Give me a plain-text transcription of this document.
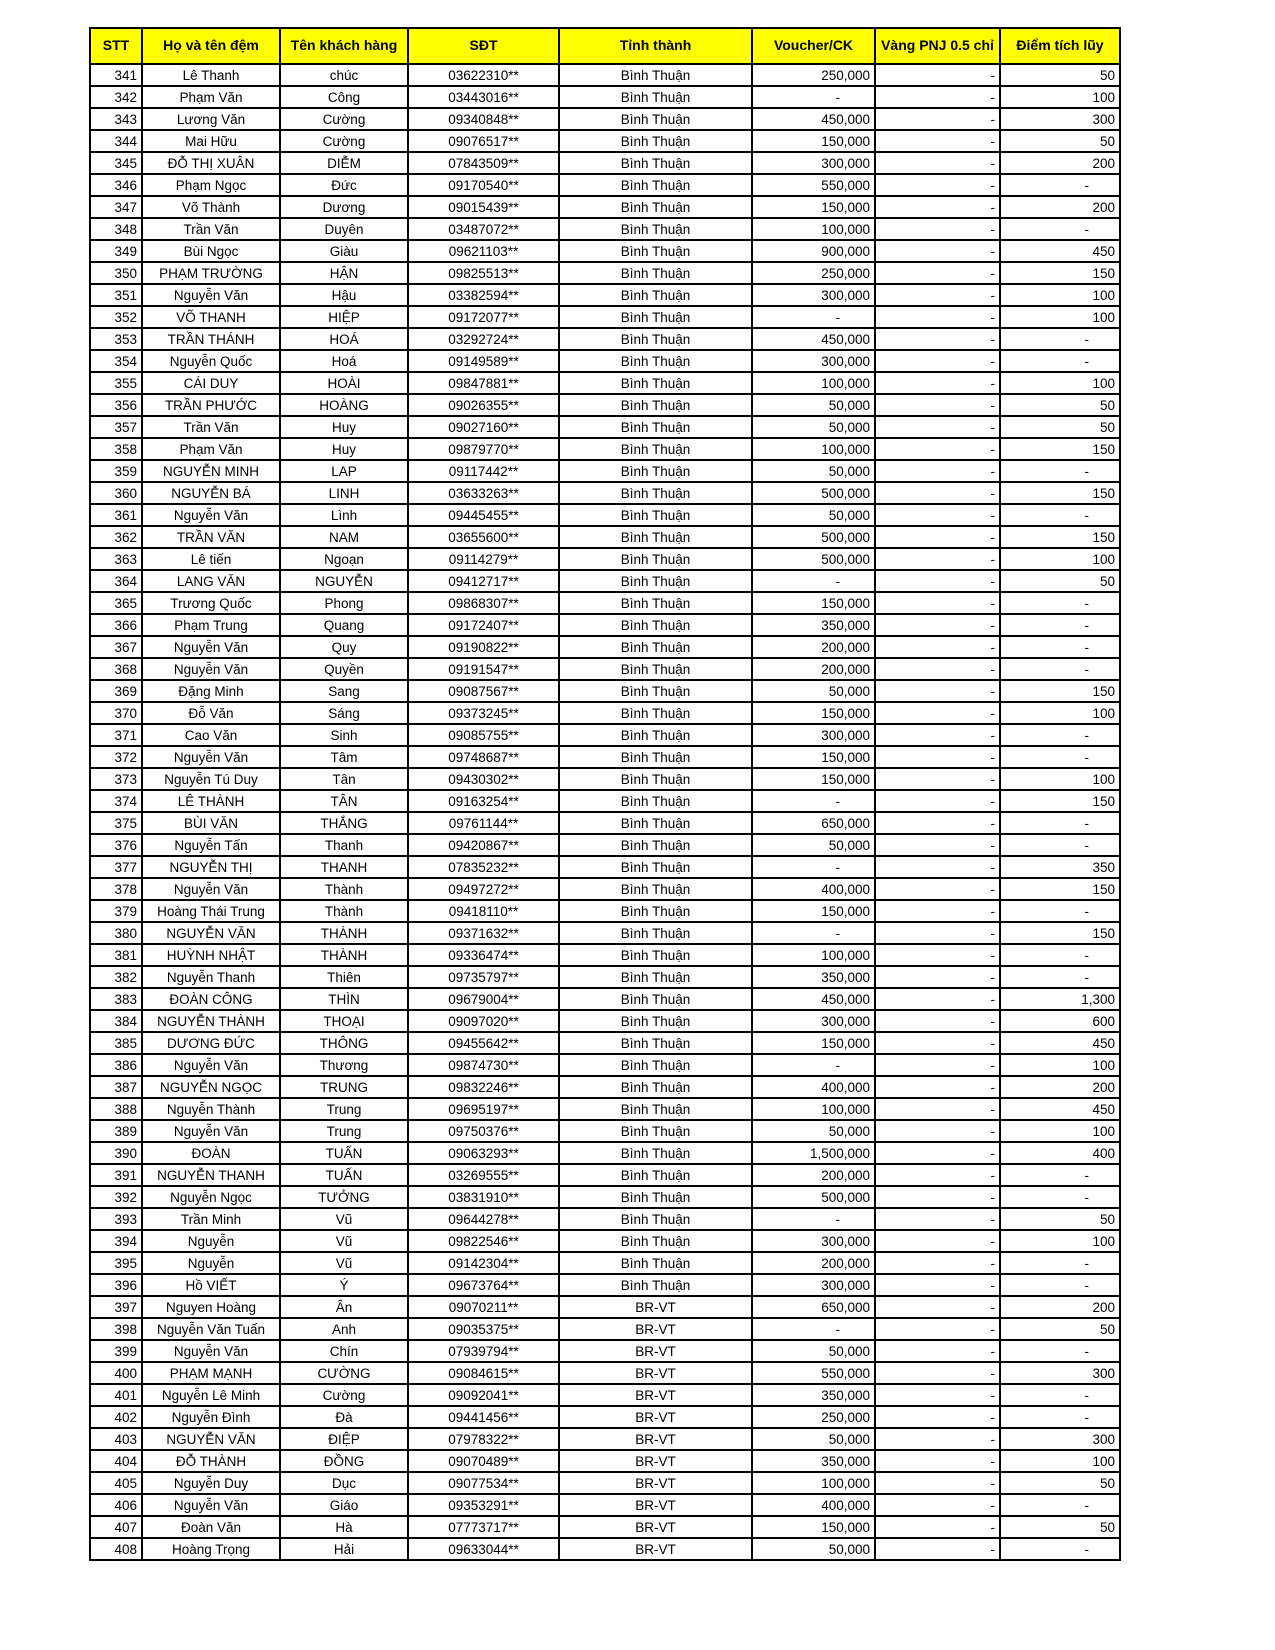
STT	Họ và tên đệm	Tên khách hàng	SĐT	Tỉnh thành	Voucher/CK	Vàng PNJ 0.5 chỉ	Điểm tích lũy
341	Lê Thanh	chúc	03622310**	Bình Thuận	250,000	-	50
342	Phạm Văn	Công	03443016**	Bình Thuận	-	-	100
343	Lương Văn	Cường	09340848**	Bình Thuận	450,000	-	300
344	Mai Hữu	Cường	09076517**	Bình Thuận	150,000	-	50
345	ĐỖ THỊ XUÂN	DIỄM	07843509**	Bình Thuận	300,000	-	200
346	Phạm Ngọc	Đức	09170540**	Bình Thuận	550,000	-	-
347	Võ Thành	Dương	09015439**	Bình Thuận	150,000	-	200
348	Trần Văn	Duyên	03487072**	Bình Thuận	100,000	-	-
349	Bùi Ngọc	Giàu	09621103**	Bình Thuận	900,000	-	450
350	PHẠM TRƯỜNG	HẬN	09825513**	Bình Thuận	250,000	-	150
351	Nguyễn Văn	Hậu	03382594**	Bình Thuận	300,000	-	100
352	VÕ THANH	HIỆP	09172077**	Bình Thuận	-	-	100
353	TRẦN THÁNH	HOÁ	03292724**	Bình Thuận	450,000	-	-
354	Nguyễn Quốc	Hoá	09149589**	Bình Thuận	300,000	-	-
355	CÁI DUY	HOÀI	09847881**	Bình Thuận	100,000	-	100
356	TRẦN PHƯỚC	HOÀNG	09026355**	Bình Thuận	50,000	-	50
357	Trần Văn	Huy	09027160**	Bình Thuận	50,000	-	50
358	Phạm Văn	Huy	09879770**	Bình Thuận	100,000	-	150
359	NGUYỄN MINH	LAP	09117442**	Bình Thuận	50,000	-	-
360	NGUYỄN BÁ	LINH	03633263**	Bình Thuận	500,000	-	150
361	Nguyễn Văn	Lình	09445455**	Bình Thuận	50,000	-	-
362	TRẦN VĂN	NAM	03655600**	Bình Thuận	500,000	-	150
363	Lê tiến	Ngoạn	09114279**	Bình Thuận	500,000	-	100
364	LANG VĂN	NGUYỄN	09412717**	Bình Thuận	-	-	50
365	Trương Quốc	Phong	09868307**	Bình Thuận	150,000	-	-
366	Phạm Trung	Quang	09172407**	Bình Thuận	350,000	-	-
367	Nguyễn Văn	Quy	09190822**	Bình Thuận	200,000	-	-
368	Nguyễn Văn	Quyền	09191547**	Bình Thuận	200,000	-	-
369	Đặng Minh	Sang	09087567**	Bình Thuận	50,000	-	150
370	Đỗ Văn	Sáng	09373245**	Bình Thuận	150,000	-	100
371	Cao Văn	Sinh	09085755**	Bình Thuận	300,000	-	-
372	Nguyễn Văn	Tâm	09748687**	Bình Thuận	150,000	-	-
373	Nguyễn Tú Duy	Tân	09430302**	Bình Thuận	150,000	-	100
374	LÊ THÀNH	TÂN	09163254**	Bình Thuận	-	-	150
375	BÙI VĂN	THẮNG	09761144**	Bình Thuận	650,000	-	-
376	Nguyễn Tấn	Thanh	09420867**	Bình Thuận	50,000	-	-
377	NGUYỄN THỊ	THANH	07835232**	Bình Thuận	-	-	350
378	Nguyễn Văn	Thành	09497272**	Bình Thuận	400,000	-	150
379	Hoàng Thái Trung	Thành	09418110**	Bình Thuận	150,000	-	-
380	NGUYỄN VĂN	THÀNH	09371632**	Bình Thuận	-	-	150
381	HUỲNH NHẬT	THÀNH	09336474**	Bình Thuận	100,000	-	-
382	Nguyễn Thanh	Thiên	09735797**	Bình Thuận	350,000	-	-
383	ĐOÀN CÔNG	THÌN	09679004**	Bình Thuận	450,000	-	1,300
384	NGUYỄN THÀNH	THOẠI	09097020**	Bình Thuận	300,000	-	600
385	DƯƠNG ĐỨC	THÔNG	09455642**	Bình Thuận	150,000	-	450
386	Nguyễn Văn	Thương	09874730**	Bình Thuận	-	-	100
387	NGUYỄN NGỌC	TRUNG	09832246**	Bình Thuận	400,000	-	200
388	Nguyễn Thành	Trung	09695197**	Bình Thuận	100,000	-	450
389	Nguyễn Văn	Trung	09750376**	Bình Thuận	50,000	-	100
390	ĐOÀN	TUẤN	09063293**	Bình Thuận	1,500,000	-	400
391	NGUYỄN THANH	TUẤN	03269555**	Bình Thuận	200,000	-	-
392	Nguyễn Ngọc	TƯỞNG	03831910**	Bình Thuận	500,000	-	-
393	Trần Minh	Vũ	09644278**	Bình Thuận	-	-	50
394	Nguyễn	Vũ	09822546**	Bình Thuận	300,000	-	100
395	Nguyễn	Vũ	09142304**	Bình Thuận	200,000	-	-
396	Hồ VIẾT	Ý	09673764**	Bình Thuận	300,000	-	-
397	Nguyen Hoàng	Ân	09070211**	BR-VT	650,000	-	200
398	Nguyễn Văn Tuấn	Anh	09035375**	BR-VT	-	-	50
399	Nguyễn Văn	Chín	07939794**	BR-VT	50,000	-	-
400	PHẠM MẠNH	CƯỜNG	09084615**	BR-VT	550,000	-	300
401	Nguyễn Lê Minh	Cường	09092041**	BR-VT	350,000	-	-
402	Nguyễn Đình	Đà	09441456**	BR-VT	250,000	-	-
403	NGUYỄN VĂN	ĐIỆP	07978322**	BR-VT	50,000	-	300
404	ĐỖ THÀNH	ĐỒNG	09070489**	BR-VT	350,000	-	100
405	Nguyễn Duy	Dục	09077534**	BR-VT	100,000	-	50
406	Nguyễn Văn	Giáo	09353291**	BR-VT	400,000	-	-
407	Đoàn Văn	Hà	07773717**	BR-VT	150,000	-	50
408	Hoàng Trọng	Hải	09633044**	BR-VT	50,000	-	-
